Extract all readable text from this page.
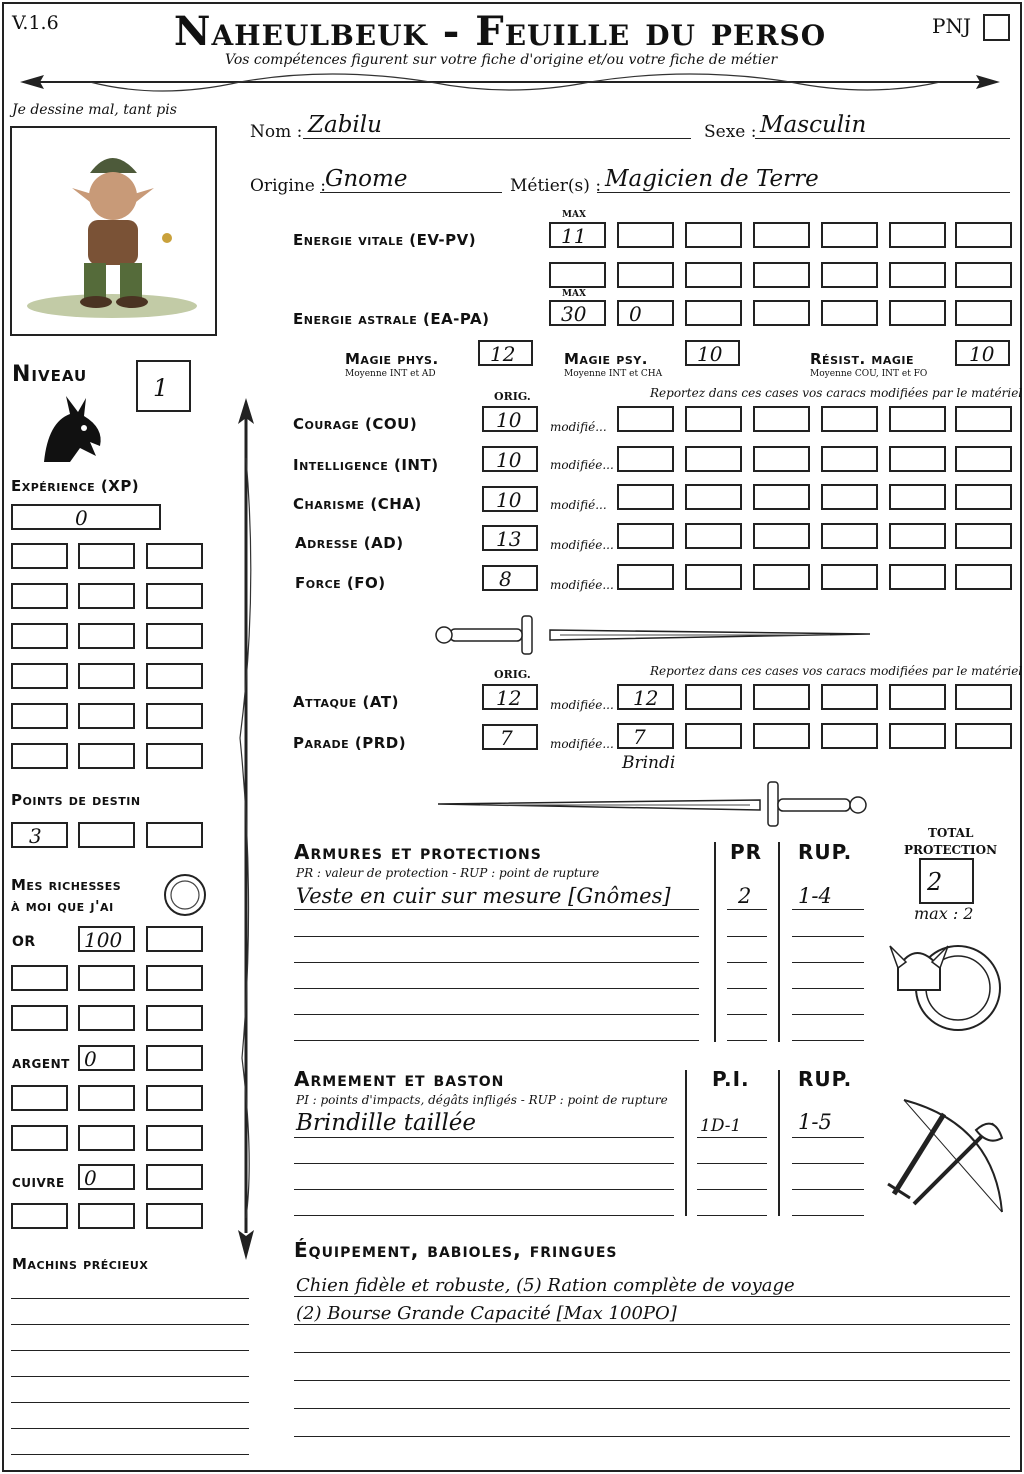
V.1.6	Naheulbeuk - Feuille du perso
Vos compétences figurent sur votre fiche d'origine et/ou votre fiche de métier
PNJ
Je dessine mal, tant pis
Nom : Zabilu	Sexe : Masculin
Origine : Gnome	Métier(s) : Magicien de Terre
MAX
Energie vitale (EV-PV)	11
MAX
Energie astrale (EA-PA)	30 0
Magie phys.
Moyenne INT et AD
12	Magie psy.
Moyenne INT et CHA
10	Résist. magie
Moyenne COU, INT et FO
10
ORIG.	Reportez dans ces cases vos caracs modifiées par le matériel
Courage (COU)	10 modifié...
Intelligence (INT)	10 modifiée...
Charisme (CHA)	10 modifié...
Adresse (AD)	13 modifiée...
Force (FO)	8	modifiée...
ORIG.	Reportez dans ces cases vos caracs modifiées par le matériel
Attaque (AT)	12 modifiée... 12
Parade (PRD)	7	modifiée... 7
Brindi
Armures et protections
PR : valeur de protection - RUP : point de rupture
PR RUP.
Veste en cuir sur mesure [Gnômes]	2 1-4
TOTAL
PROTECTION
2
max : 2
Armement et baston
PI : points d'impacts, dégâts infligés - RUP : point de rupture
P.I. RUP.
Brindille taillée	1D-1	1-5
Équipement, babioles, fringues
Chien fidèle et robuste, (5) Ration complète de voyage
(2) Bourse Grande Capacité [Max 100PO]
Niveau	1
Expérience (XP)
0
Points de destin
3
Mes richesses
à moi que j'ai
OR 100
ARGENT 0
CUIVRE 0
Machins précieux
